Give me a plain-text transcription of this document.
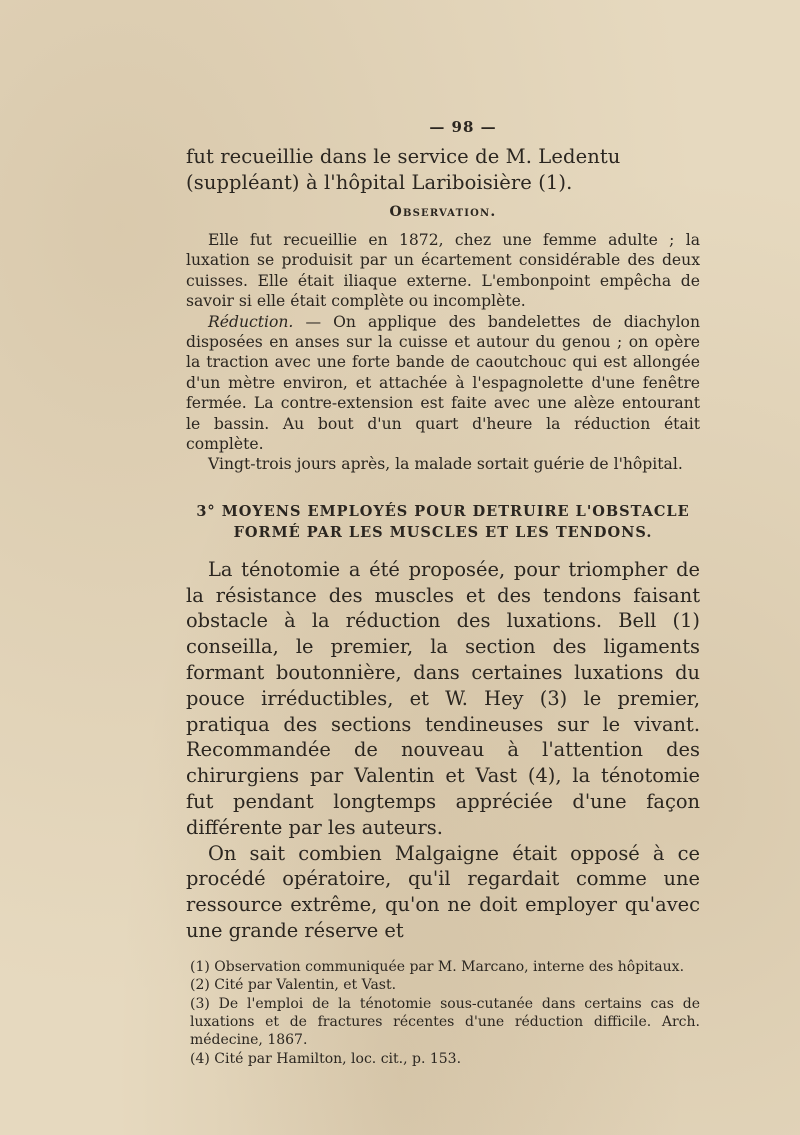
— 98 —

fut recueillie dans le service de M. Ledentu (suppléant) à l'hôpital Lariboisière (1).

Observation.

Elle fut recueillie en 1872, chez une femme adulte ; la luxation se produisit par un écartement considérable des deux cuisses. Elle était iliaque externe. L'embonpoint empêcha de savoir si elle était complète ou incomplète.

Réduction. — On applique des bandelettes de diachylon disposées en anses sur la cuisse et autour du genou ; on opère la traction avec une forte bande de caoutchouc qui est allongée d'un mètre environ, et attachée à l'espagnolette d'une fenêtre fermée. La contre-extension est faite avec une alèze entourant le bassin. Au bout d'un quart d'heure la réduction était complète.

Vingt-trois jours après, la malade sortait guérie de l'hôpital.

3° MOYENS EMPLOYÉS POUR DETRUIRE L'OBSTACLE FORMÉ PAR LES MUSCLES ET LES TENDONS.

La ténotomie a été proposée, pour triompher de la résistance des muscles et des tendons faisant obstacle à la réduction des luxations. Bell (1) conseilla, le premier, la section des ligaments formant boutonnière, dans certaines luxations du pouce irréductibles, et W. Hey (3) le premier, pratiqua des sections tendineuses sur le vivant. Recommandée de nouveau à l'attention des chirurgiens par Valentin et Vast (4), la ténotomie fut pendant longtemps appréciée d'une façon différente par les auteurs.

On sait combien Malgaigne était opposé à ce procédé opératoire, qu'il regardait comme une ressource extrême, qu'on ne doit employer qu'avec une grande réserve et

(1) Observation communiquée par M. Marcano, interne des hôpitaux.

(2) Cité par Valentin, et Vast.

(3) De l'emploi de la ténotomie sous-cutanée dans certains cas de luxations et de fractures récentes d'une réduction difficile. Arch. médecine, 1867.

(4) Cité par Hamilton, loc. cit., p. 153.
